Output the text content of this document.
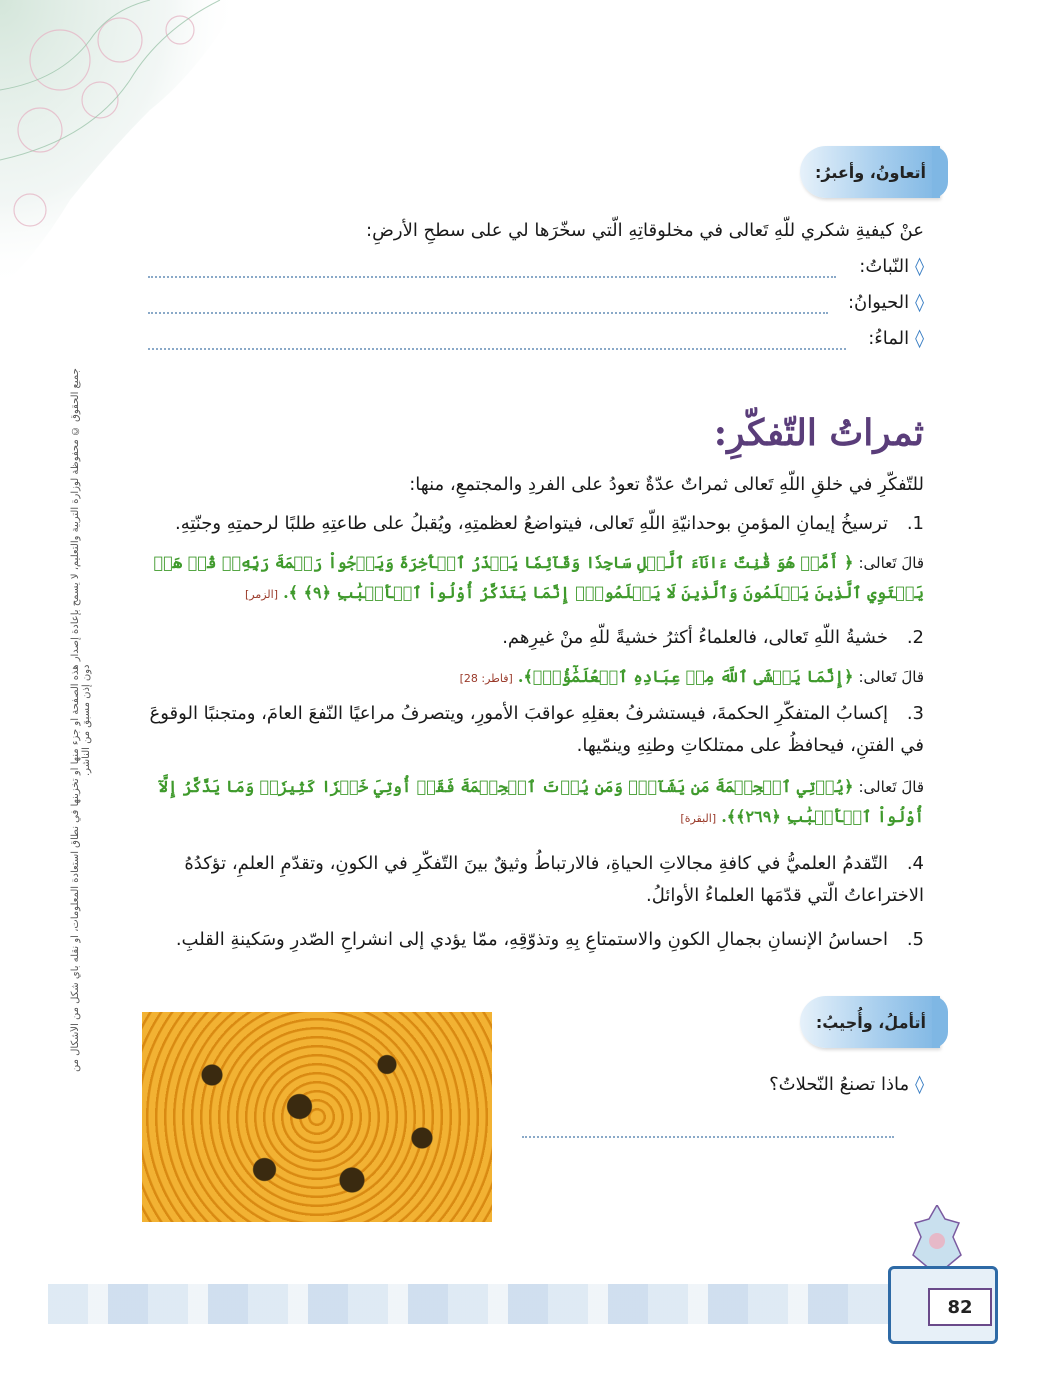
جميع الحقوق © محفوظة لوزارة التربية والتعليم، لا يسمح بإعادة إصدار هذه الصفحة أو جزء منها أو تخزينها في نطاق استعادة المعلومات، أو نقله بأي شكل من الأشكال من دون إذن مسبق من الناشر.
أتعاونُ، وأعبرُ:
عنْ كيفيةِ شكري للّهِ تَعالى في مخلوقاتِهِ الّتي سخّرَها لي على سطحِ الأرضِ:
◊النّباتُ:
◊الحيوانُ:
◊الماءُ:
ثمراتُ التّفكّرِ:
للتّفكّرِ في خلقِ اللّهِ تَعالى ثمراتٌ عدّةٌ تعودُ على الفردِ والمجتمعِ، منها:
1.ترسيخُ إيمانِ المؤمنِ بوحدانيّةِ اللّهِ تَعالى، فيتواضعُ لعظمتِهِ، ويُقبلُ على طاعتِهِ طلبًا لرحمتِهِ وجنّتِهِ.
قالَ تَعالى: ﴿ أَمَّنۡ هُوَ قَٰنِتٌ ءَانَآءَ ٱلَّيۡلِ سَاجِدٗا وَقَآئِمٗا يَحۡذَرُ ٱلۡأٓخِرَةَ وَيَرۡجُواْ رَحۡمَةَ رَبِّهِۦۗ قُلۡ هَلۡ يَسۡتَوِي ٱلَّذِينَ يَعۡلَمُونَ وَٱلَّذِينَ لَا يَعۡلَمُونَۗ إِنَّمَا يَتَذَكَّرُ أُوْلُواْ ٱلۡأَلۡبَٰبِ ﴿٩﴾ ﴾. [الزمر]
2.خشيةُ اللّهِ تَعالى، فالعلماءُ أكثرُ خشيةً للّهِ منْ غيرِهم.
قالَ تَعالى: ﴿إِنَّمَا يَخۡشَى ٱللَّهَ مِنۡ عِبَادِهِ ٱلۡعُلَمَٰٓؤُاْۗ﴾. [فاطر: 28]
3.إكسابُ المتفكّرِ الحكمةَ، فيستشرفُ بعقلِهِ عواقبَ الأمورِ، ويتصرفُ مراعيًا النّفعَ العامَ، ومتجنبًا الوقوعَ في الفتنِ، فيحافظُ على ممتلكاتِ وطنِهِ وينمّيها.
قالَ تَعالى: ﴿يُؤۡتِي ٱلۡحِكۡمَةَ مَن يَشَآءُۚ وَمَن يُؤۡتَ ٱلۡحِكۡمَةَ فَقَدۡ أُوتِيَ خَيۡرٗا كَثِيرٗاۗ وَمَا يَذَّكَّرُ إِلَّآ أُوْلُواْ ٱلۡأَلۡبَٰبِ ﴿٢٦٩﴾﴾. [البقرة]
4.التّقدمُ العلميُّ في كافةِ مجالاتِ الحياةِ، فالارتباطُ وثيقٌ بينَ التّفكّرِ في الكونِ، وتقدّمِ العلمِ، تؤكدُهُ الاختراعاتُ الّتي قدّمَها العلماءُ الأوائلُ.
5.احساسُ الإنسانِ بجمالِ الكونِ والاستمتاعِ بِهِ وتذوّقِهِ، ممّا يؤدي إلى انشراحِ الصّدرِ وسَكينةِ القلبِ.
أتأملُ، وأُجيبُ:
◊ماذا تصنعُ النّحلاتُ؟
82
